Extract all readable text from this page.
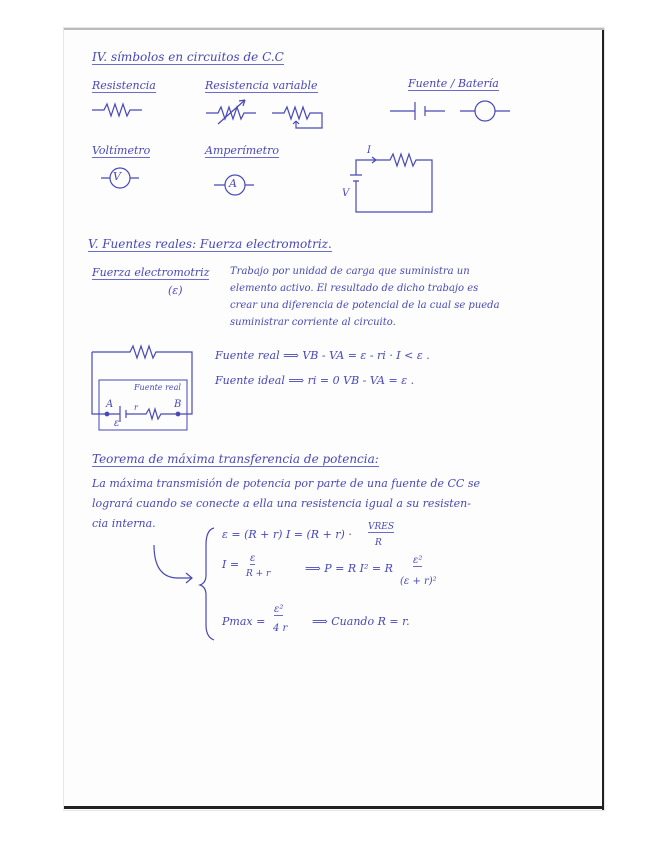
IV. símbolos en circuitos de C.C
Resistencia	Resistencia variable	Fuente / Batería
Voltímetro	Amperímetro
V
A
I
V
V. Fuentes reales: Fuerza electromotriz.
Fuerza electromotriz
(ε)
Trabajo por unidad de carga que suministra un
elemento activo. El resultado de dicho trabajo es
crear una diferencia de potencial de la cual se pueda
suministrar corriente al circuito.
Fuente real
A	B
ε
r
Fuente real ⟹ VB - VA = ε - ri · I < ε .
Fuente ideal ⟹ ri = 0 VB - VA = ε .
Teorema de máxima transferencia de potencia:
La máxima transmisión de potencia por parte de una fuente de CC se
logrará cuando se conecte a ella una resistencia igual a su resisten-
cia interna.
ε = (R + r) I = (R + r) ·
VRES
R
I = ε
R + r	⟹ P = R I² = R
ε²
(ε + r)²
Pmax =
ε²
4 r
⟹ Cuando R = r.
